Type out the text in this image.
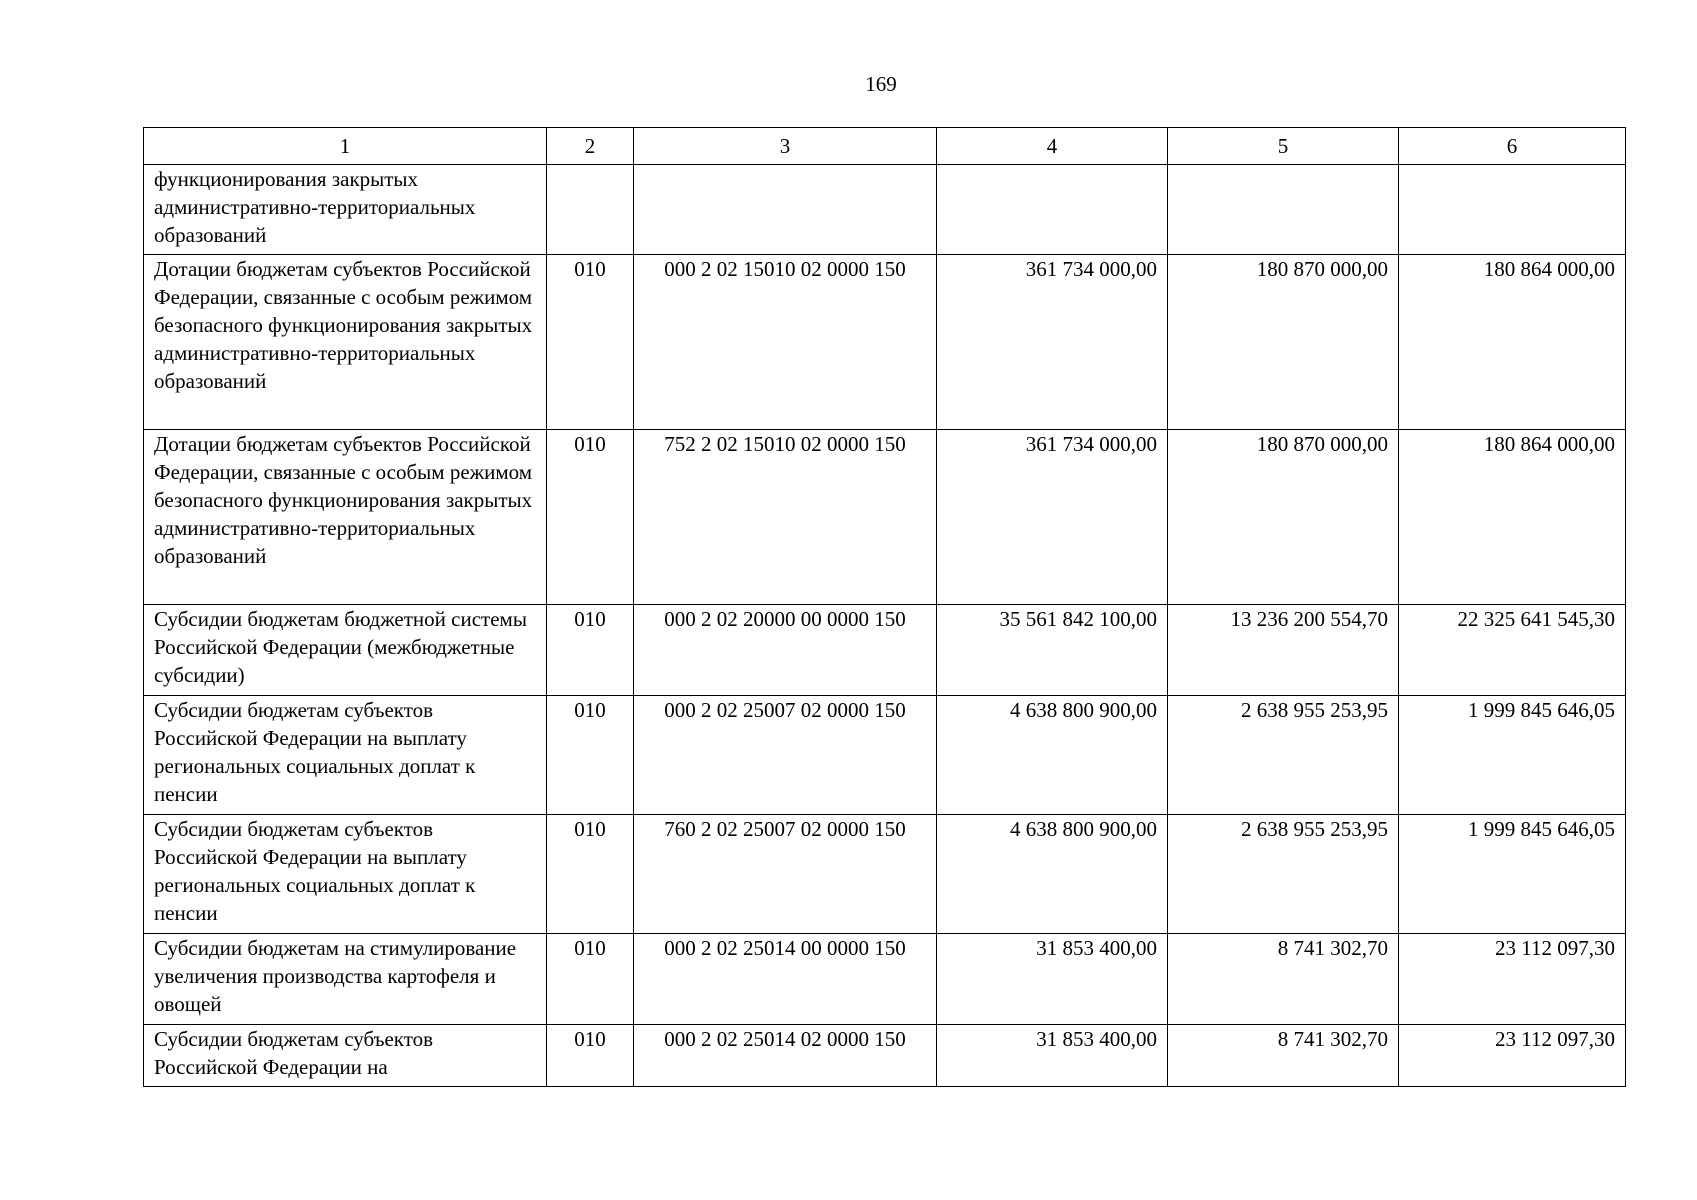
169
1	2	3	4	5	6
функционирования закрытых административно-территориальных образований					
Дотации бюджетам субъектов Российской Федерации, связанные с особым режимом безопасного функционирования закрытых административно-территориальных образований	010	000 2 02 15010 02 0000 150	361 734 000,00	180 870 000,00	180 864 000,00
Дотации бюджетам субъектов Российской Федерации, связанные с особым режимом безопасного функционирования закрытых административно-территориальных образований	010	752 2 02 15010 02 0000 150	361 734 000,00	180 870 000,00	180 864 000,00
Субсидии бюджетам бюджетной системы Российской Федерации (межбюджетные субсидии)	010	000 2 02 20000 00 0000 150	35 561 842 100,00	13 236 200 554,70	22 325 641 545,30
Субсидии бюджетам субъектов Российской Федерации на выплату региональных социальных доплат к пенсии	010	000 2 02 25007 02 0000 150	4 638 800 900,00	2 638 955 253,95	1 999 845 646,05
Субсидии бюджетам субъектов Российской Федерации на выплату региональных социальных доплат к пенсии	010	760 2 02 25007 02 0000 150	4 638 800 900,00	2 638 955 253,95	1 999 845 646,05
Субсидии бюджетам на стимулирование увеличения производства картофеля и овощей	010	000 2 02 25014 00 0000 150	31 853 400,00	8 741 302,70	23 112 097,30
Субсидии бюджетам субъектов Российской Федерации на	010	000 2 02 25014 02 0000 150	31 853 400,00	8 741 302,70	23 112 097,30
